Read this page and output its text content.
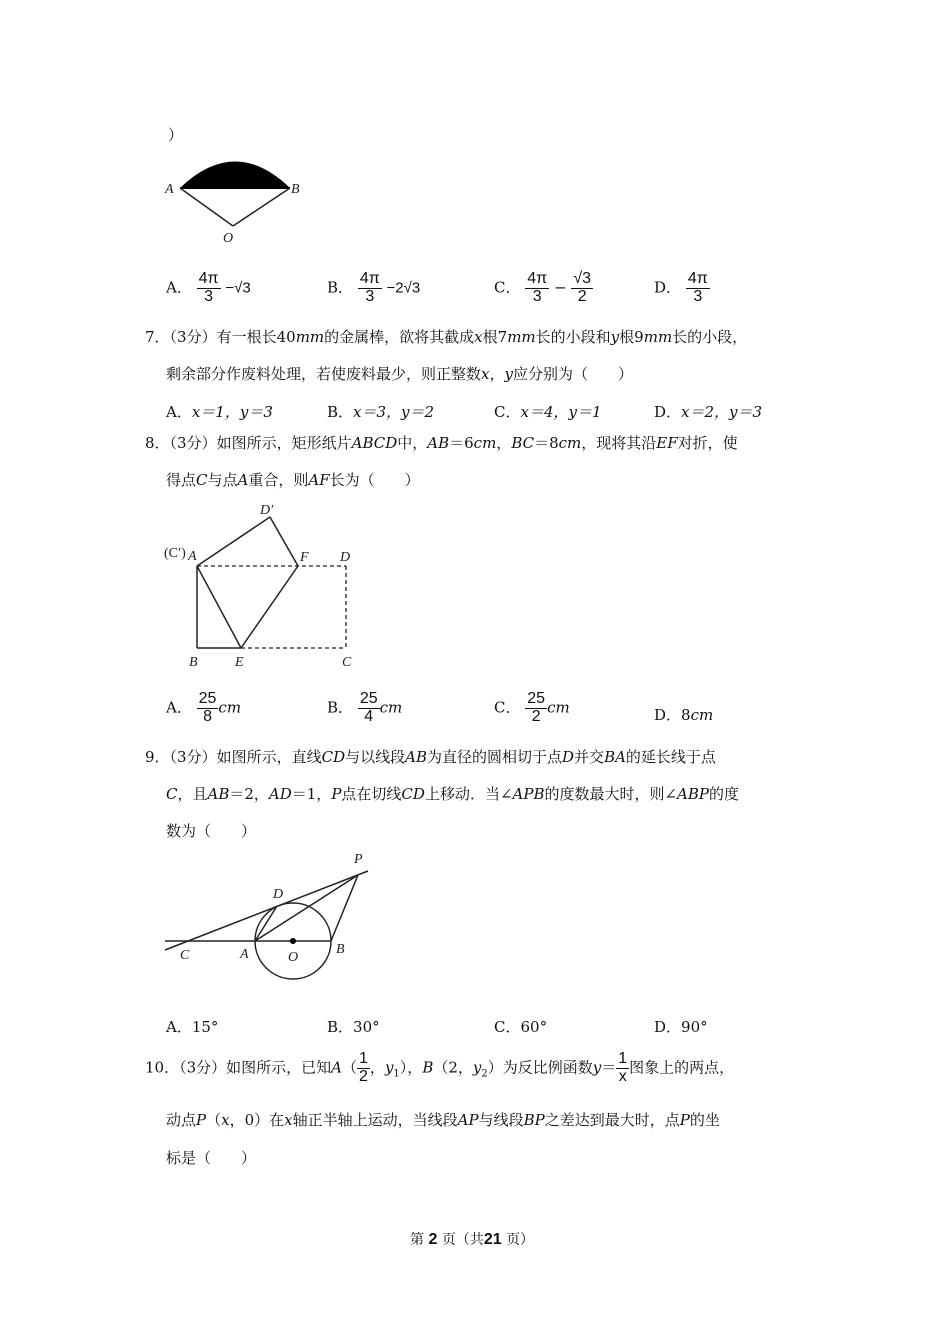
）
A	B
O
A． $\frac{4\pi}{3} -√3$	B． $\frac{4\pi}{3} -2√3$	C． $\frac{4\pi}{3} - \frac{√3}{2}$	D． $\frac{4\pi}{3}$
7．（3分）有一根长40mm的金属棒，欲将其截成x根7mm长的小段和y根9mm长的小段，
剩余部分作废料处理，若使废料最少，则正整数x，y应分别为（　　）
A．x＝1，y＝3	B．x＝3，y＝2	C．x＝4，y＝1	D．x＝2，y＝3
8．（3分）如图所示，矩形纸片ABCD中，AB＝6cm，BC＝8cm，现将其沿EF对折，使
得点C与点A重合，则AF长为（　　）
D′
(C′) A	F D
B	E	C
A． $\frac{25}{8}$ cm	B． $\frac{25}{4}$ cm	C． $\frac{25}{2}$ cm	D．8cm
9．（3分）如图所示，直线CD与以线段AB为直径的圆相切于点D并交BA的延长线于点
C，且AB＝2，AD＝1，P点在切线CD上移动．当∠APB的度数最大时，则∠ABP的度
数为（　　）
P
D
C	A	O
B
A．15°	B．30°	C．60°	D．90°
10．（3分）如图所示，已知$A( \frac{1}{2}$ ，$y_1$），B（2，$y_2$）为反比例函数$y= \frac{1}{x}$ 图象上的两点，
动点P（x，0）在x轴正半轴上运动，当线段AP与线段BP之差达到最大时，点P的坐
标是（　　）
第 2 页（共21 页）
